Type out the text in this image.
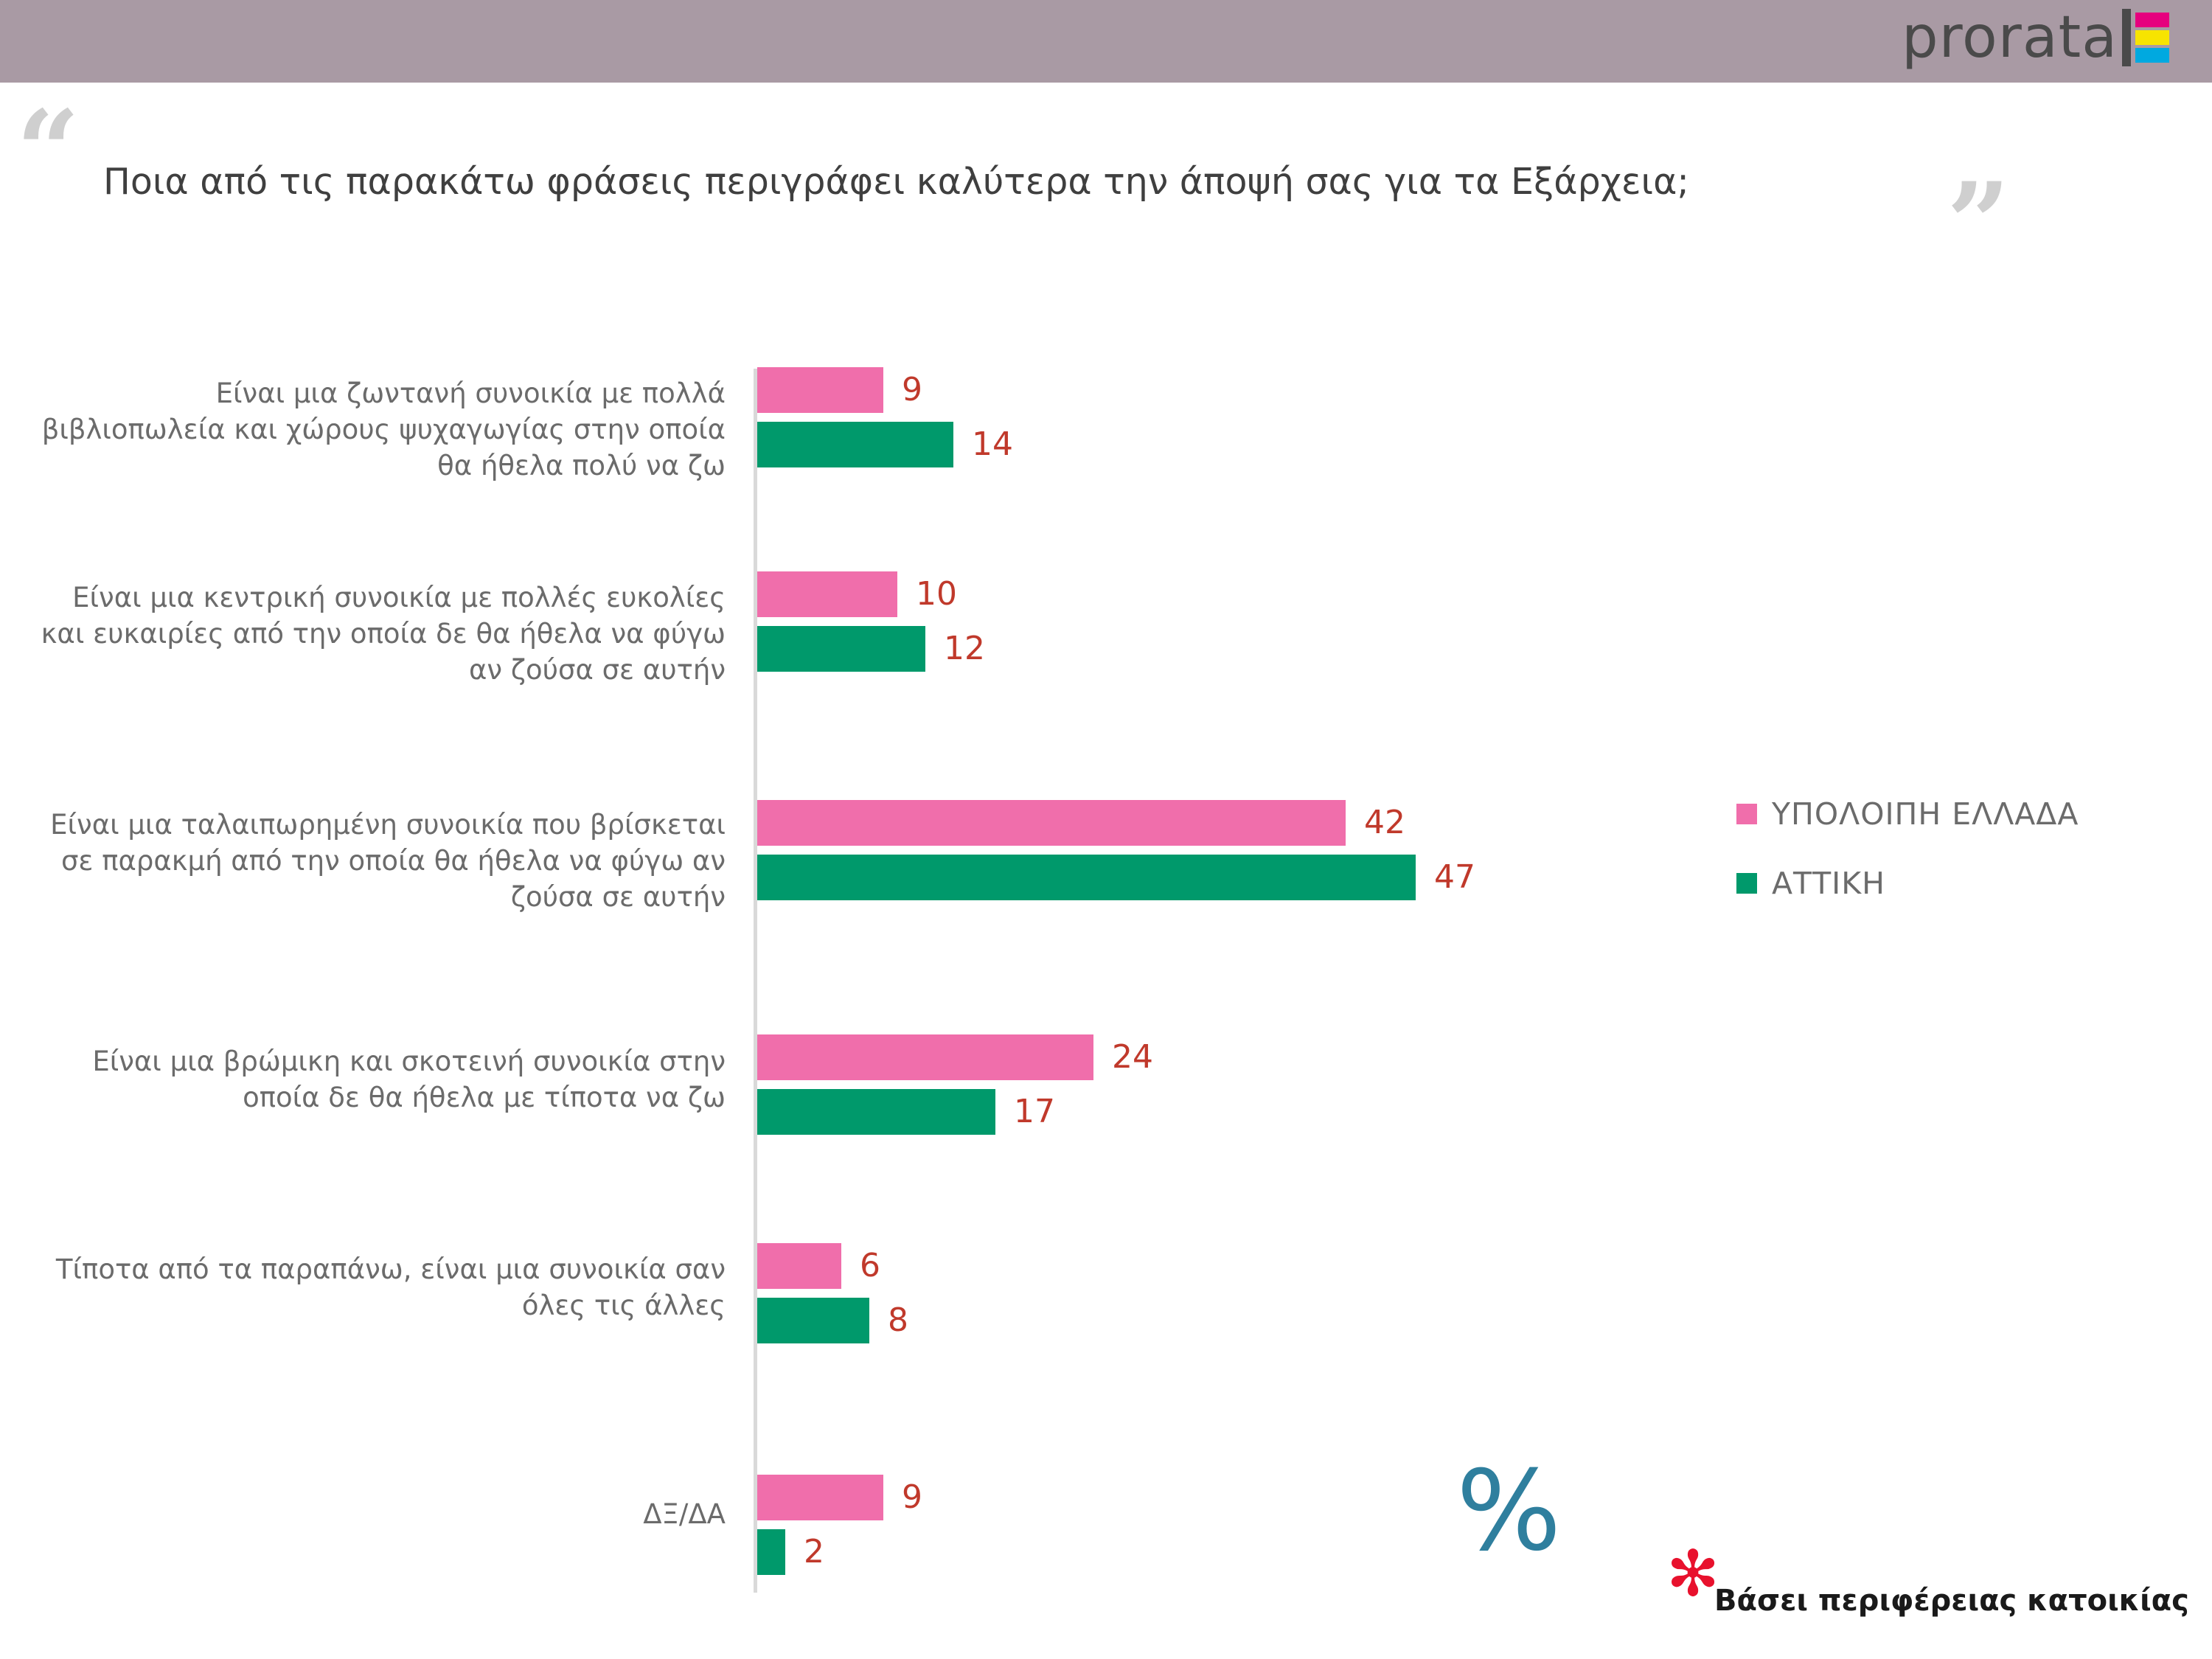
prorata
“
”
Ποια από τις παρακάτω φράσεις περιγράφει καλύτερα την άποψή σας για τα Εξάρχεια;
Είναι μια ζωντανή συνοικία με πολλά βιβλιοπωλεία και χώρους ψυχαγωγίας στην οποία θα ήθελα πολύ να ζω
9
14
Είναι μια κεντρική συνοικία με πολλές ευκολίες και ευκαιρίες από την οποία δε θα ήθελα να φύγω αν ζούσα σε αυτήν
10
12
Είναι μια ταλαιπωρημένη συνοικία που βρίσκεται σε παρακμή από την οποία θα ήθελα να φύγω αν ζούσα σε αυτήν
42
47
Είναι μια βρώμικη και σκοτεινή συνοικία στην οποία δε θα ήθελα με τίποτα να ζω
24
17
Τίποτα από τα παραπάνω, είναι μια συνοικία σαν όλες τις άλλες
6
8
ΔΞ/ΔΑ	9
2
ΥΠΟΛΟΙΠΗ ΕΛΛΑΔΑ
ΑΤΤΙΚΗ
% ✻
Βάσει περιφέρειας κατοικίας
